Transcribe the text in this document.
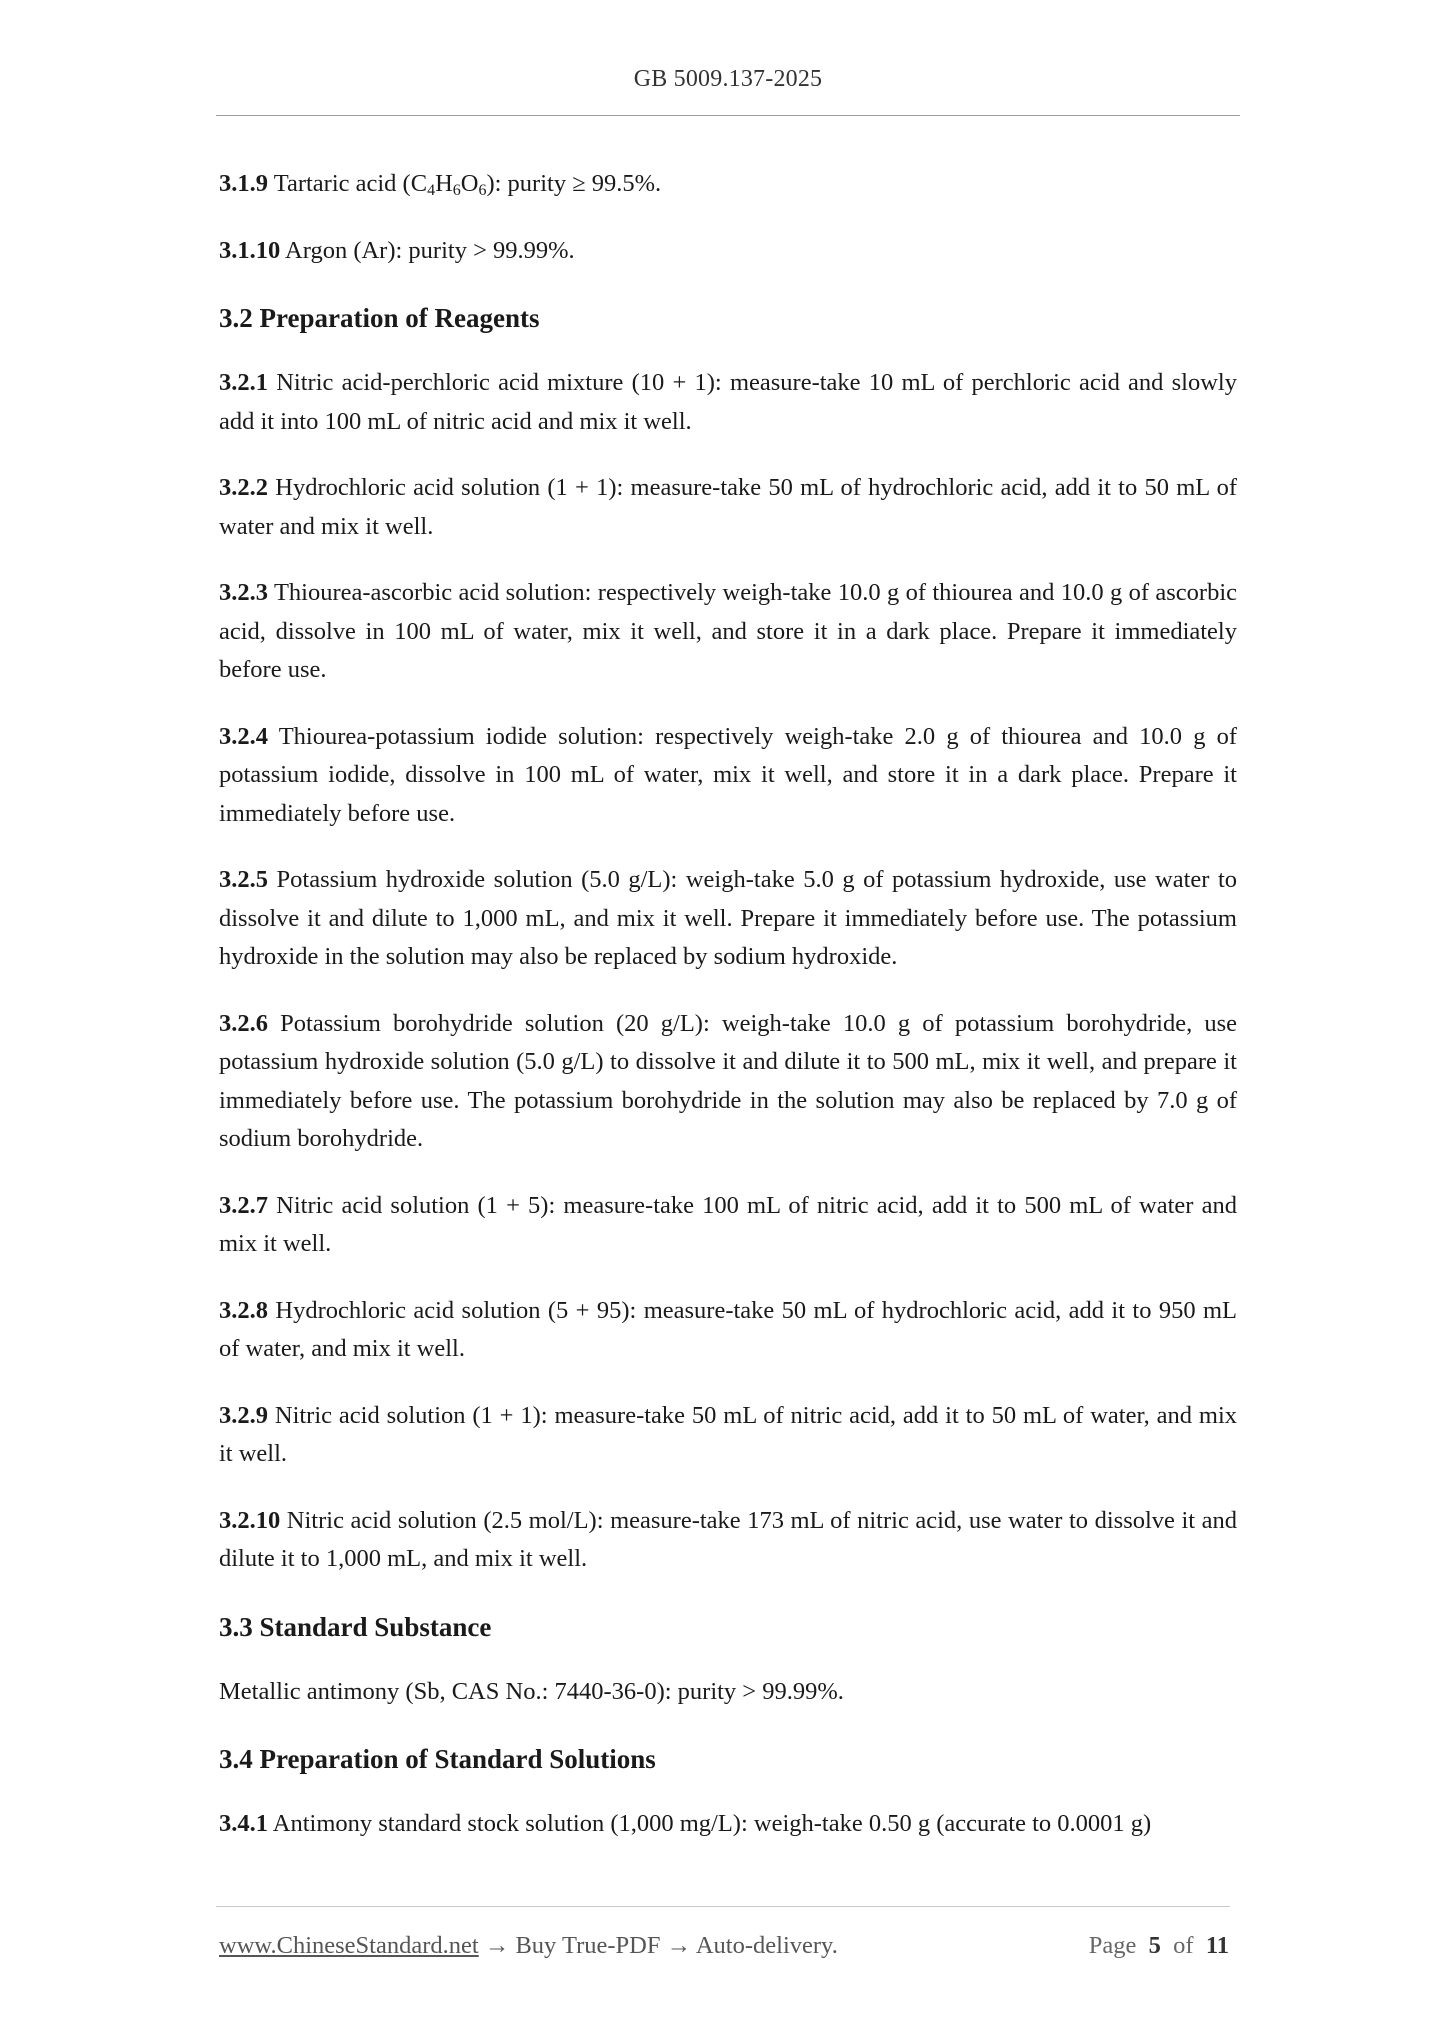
GB 5009.137-2025

3.1.9 Tartaric acid $(C_4H_6O_6)$: purity ≥ 99.5%.

3.1.10 Argon (Ar): purity > 99.99%.

3.2 Preparation of Reagents

3.2.1 Nitric acid-perchloric acid mixture (10 + 1): measure-take 10 mL of perchloric acid and slowly add it into 100 mL of nitric acid and mix it well.

3.2.2 Hydrochloric acid solution (1 + 1): measure-take 50 mL of hydrochloric acid, add it to 50 mL of water and mix it well.

3.2.3 Thiourea-ascorbic acid solution: respectively weigh-take 10.0 g of thiourea and 10.0 g of ascorbic acid, dissolve in 100 mL of water, mix it well, and store it in a dark place. Prepare it immediately before use.

3.2.4 Thiourea-potassium iodide solution: respectively weigh-take 2.0 g of thiourea and 10.0 g of potassium iodide, dissolve in 100 mL of water, mix it well, and store it in a dark place. Prepare it immediately before use.

3.2.5 Potassium hydroxide solution (5.0 g/L): weigh-take 5.0 g of potassium hydroxide, use water to dissolve it and dilute to 1,000 mL, and mix it well. Prepare it immediately before use. The potassium hydroxide in the solution may also be replaced by sodium hydroxide.

3.2.6 Potassium borohydride solution (20 g/L): weigh-take 10.0 g of potassium borohydride, use potassium hydroxide solution (5.0 g/L) to dissolve it and dilute it to 500 mL, mix it well, and prepare it immediately before use. The potassium borohydride in the solution may also be replaced by 7.0 g of sodium borohydride.

3.2.7 Nitric acid solution (1 + 5): measure-take 100 mL of nitric acid, add it to 500 mL of water and mix it well.

3.2.8 Hydrochloric acid solution (5 + 95): measure-take 50 mL of hydrochloric acid, add it to 950 mL of water, and mix it well.

3.2.9 Nitric acid solution (1 + 1): measure-take 50 mL of nitric acid, add it to 50 mL of water, and mix it well.

3.2.10 Nitric acid solution (2.5 mol/L): measure-take 173 mL of nitric acid, use water to dissolve it and dilute it to 1,000 mL, and mix it well.

3.3 Standard Substance

Metallic antimony (Sb, CAS No.: 7440-36-0): purity > 99.99%.

3.4 Preparation of Standard Solutions

3.4.1 Antimony standard stock solution (1,000 mg/L): weigh-take 0.50 g (accurate to 0.0001 g)

www.ChineseStandard.net → Buy True-PDF → Auto-delivery.	Page 5 of 11
